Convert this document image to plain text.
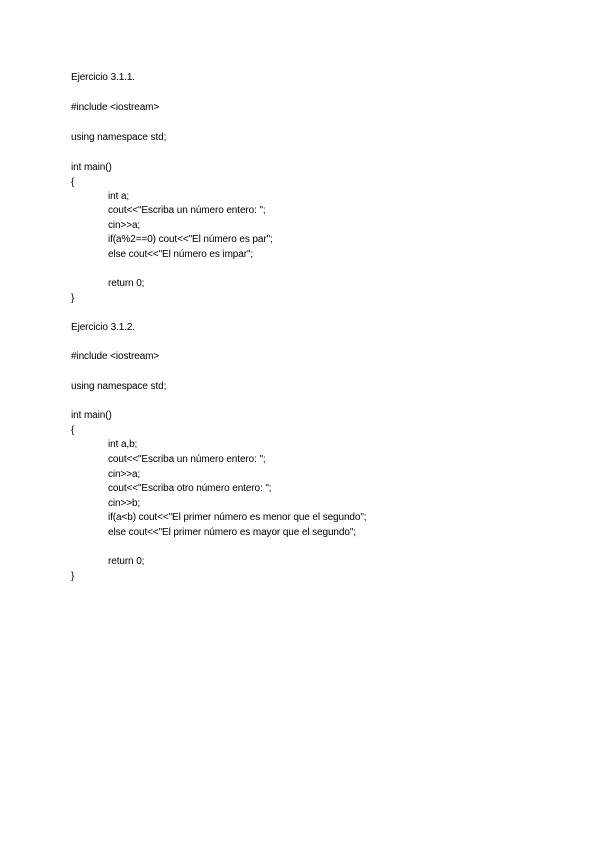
Ejercicio 3.1.1.
#include <iostream>
using namespace std;
int main()
{
int a;
cout<<"Escriba un número entero: ";
cin>>a;
if(a%2==0) cout<<"El número es par";
else cout<<"El número es impar";
return 0;
}
Ejercicio 3.1.2.
#include <iostream>
using namespace std;
int main()
{
int a,b;
cout<<"Escriba un número entero: ";
cin>>a;
cout<<"Escriba otro número entero: ";
cin>>b;
if(a<b) cout<<"El primer número es menor que el segundo";
else cout<<"El primer número es mayor que el segundo";
return 0;
}
